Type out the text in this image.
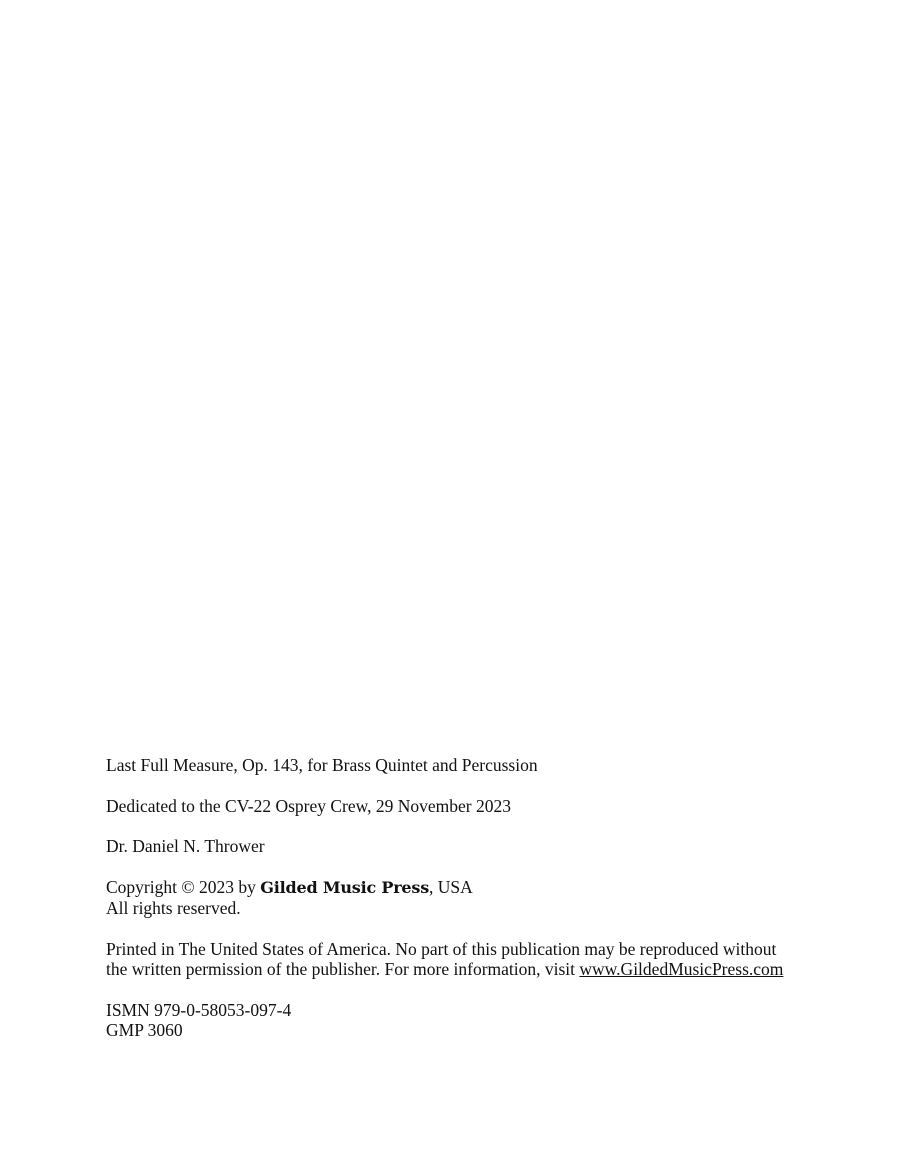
Last Full Measure, Op. 143, for Brass Quintet and Percussion
Dedicated to the CV-22 Osprey Crew, 29 November 2023
Dr. Daniel N. Thrower
Copyright © 2023 by Gilded Music Press, USA
All rights reserved.
Printed in The United States of America. No part of this publication may be reproduced without
the written permission of the publisher. For more information, visit www.GildedMusicPress.com
ISMN 979-0-58053-097-4
GMP 3060
